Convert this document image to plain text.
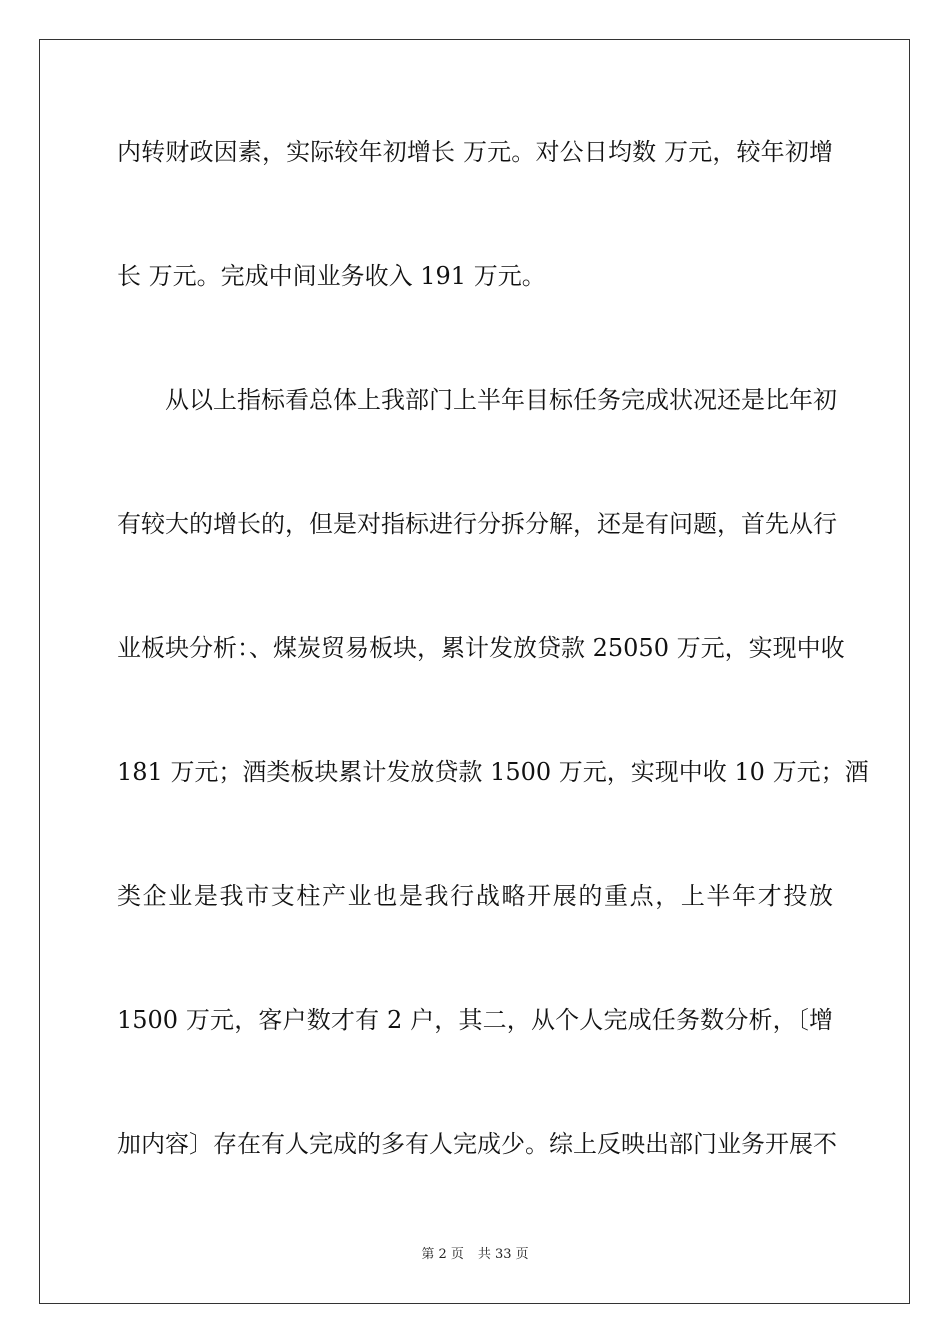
内转财政因素，实际较年初增长 万元。对公日均数 万元，较年初增
长 万元。完成中间业务收入 191 万元。
从以上指标看总体上我部门上半年目标任务完成状况还是比年初
有较大的增长的，但是对指标进行分拆分解，还是有问题，首先从行
业板块分析：、煤炭贸易板块，累计发放贷款 25050 万元，实现中收
181 万元；酒类板块累计发放贷款 1500 万元，实现中收 10 万元；酒
类企业是我市支柱产业也是我行战略开展的重点，上半年才投放
1500 万元，客户数才有 2 户，其二，从个人完成任务数分析，〔增
加内容〕存在有人完成的多有人完成少。综上反映出部门业务开展不
第 2 页 共 33 页
